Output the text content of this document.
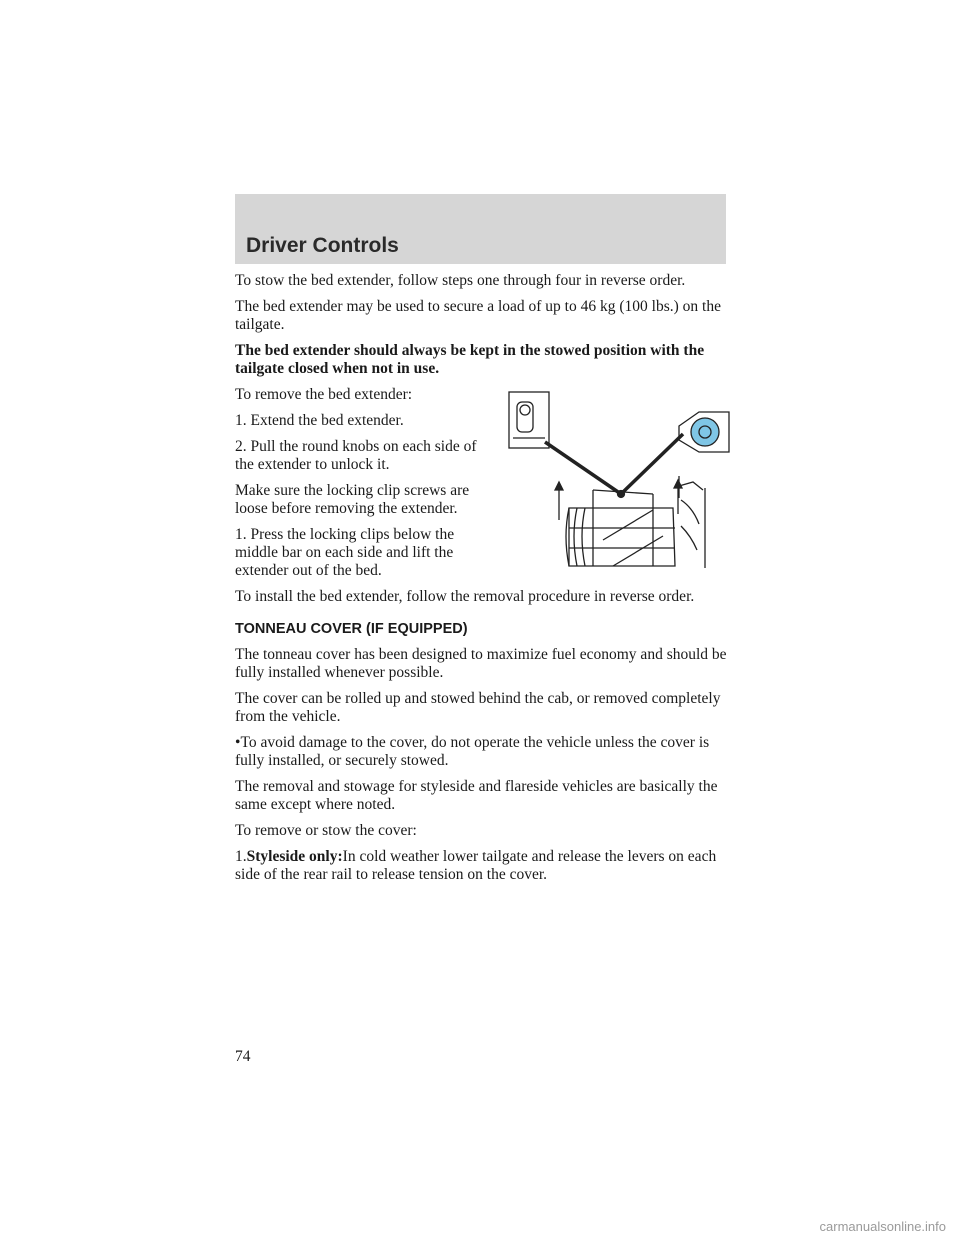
Driver Controls

To stow the bed extender, follow steps one through four in reverse order.

The bed extender may be used to secure a load of up to 46 kg (100 lbs.) on the tailgate.

The bed extender should always be kept in the stowed position with the tailgate closed when not in use.

To remove the bed extender:

1. Extend the bed extender.

2. Pull the round knobs on each side of the extender to unlock it.

Make sure the locking clip screws are loose before removing the extender.

1. Press the locking clips below the middle bar on each side and lift the extender out of the bed.

To install the bed extender, follow the removal procedure in reverse order.

TONNEAU COVER (IF EQUIPPED)

The tonneau cover has been designed to maximize fuel economy and should be fully installed whenever possible.

The cover can be rolled up and stowed behind the cab, or removed completely from the vehicle.

•To avoid damage to the cover, do not operate the vehicle unless the cover is fully installed, or securely stowed.

The removal and stowage for styleside and flareside vehicles are basically the same except where noted.

To remove or stow the cover:

1.Styleside only:In cold weather lower tailgate and release the levers on each side of the rear rail to release tension on the cover.

74
carmanualsonline.info
